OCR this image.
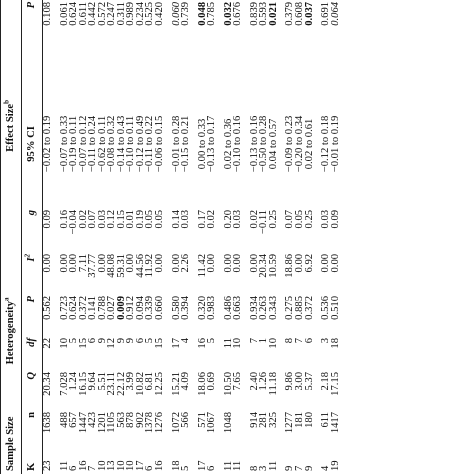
Sample Size		Heterogeneity$^a$				Effect Size$^b$
K	n	Q	df	P	$I^2$	g	95% CI	P
23	1638	20.34	22	0.562	0.00	0.09	−0.02 to 0.19	0.108

11	488	7.028	10	0.723	0.00	0.16	−0.07 to 0.33	0.061
6	657	1.24	5	0.624	0.00	−0.04	−0.19 to 0.11	0.624
16	1447	16.15	15	0.372	7.11	0.02	−0.07 to 0.12	0.611
7	423	9.64	6	0.141	37.77	0.07	−0.11 to 0.24	0.442
10	1201	5.51	9	0.788	0.00	0.03	−0.62 to 0.11	0.572
13	1105	23.11	12	0.027	48.08	0.12	−0.08 to 0.32	0.247
10	563	22.12	9	0.009	59.31	0.15	−0.14 to 0.43	0.311
10	878	3.99	9	0.912	0.00	0.01	−0.10 to 0.11	0.989
17	902	10.82	6	0.094	44.56	0.19	−0.12 to 0.49	0.234
6	1378	6.81	5	0.339	11.92	0.05	−0.11 to 0.22	0.525
16	1276	12.25	15	0.660	0.00	0.05	−0.06 to 0.15	0.420

18	1072	15.21	17	0.580	0.00	0.14	−0.01 to 0.28	0.060
5	566	4.09	4	0.394	2.26	0.03	−0.15 to 0.21	0.739

17	571	18.06	16	0.320	11.42	0.17	0.00 to 0.33	0.048
6	1067	0.69	5	0.983	0.00	0.02	−0.13 to 0.17	0.785

11	1048	10.50	11	0.486	0.00	0.20	0.02 to 0.36	0.032
11		7.65	10	0.663	0.00	0.03	−0.10 to 0.16	0.676

8	914	2.40	7	0.934	0.00	0.02	−0.13 to 0.16	0.839
3	281	1.26	1	0.263	20.34	−0.11	−0.50 to 0.28	0.593
11	325	11.18	10	0.343	10.59	0.25	0.04 to 0.57	0.021

9	1277	9.86	8	0.275	18.86	0.07	−0.09 to 0.23	0.379
7	181	3.00	7	0.885	0.00	0.05	−0.20 to 0.34	0.608
9	180	5.37	6	0.372	6.92	0.25	0.02 to 0.61	0.037

4	611	2.18	3	0.536	0.00	0.03	−0.12 to 0.18	0.691
19	1417	17.15	18	0.510	0.00	0.09	−0.01 to 0.19	0.064
